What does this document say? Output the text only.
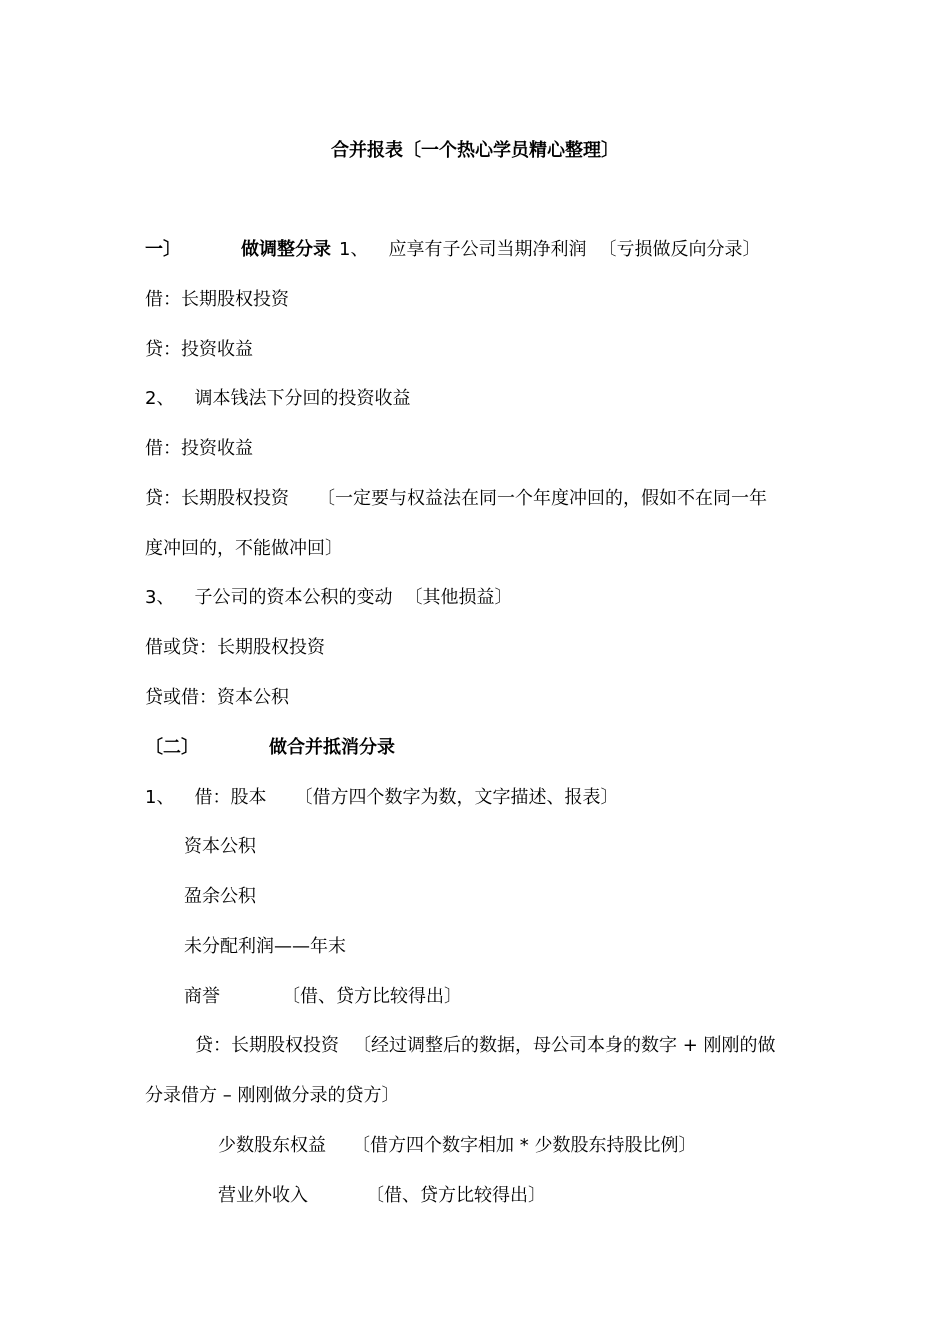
合并报表〔一个热心学员精心整理〕
一〕	做调整分录 1、 应享有子公司当期净利润 〔亏损做反向分录〕
借：长期股权投资
贷：投资收益
2、 调本钱法下分回的投资收益
借：投资收益
贷：长期股权投资 〔一定要与权益法在同一个年度冲回的，假如不在同一年
度冲回的，不能做冲回〕
3、 子公司的资本公积的变动 〔其他损益〕
借或贷：长期股权投资
贷或借：资本公积
〔二〕	做合并抵消分录
1、 借：股本 〔借方四个数字为数，文字描述、报表〕
资本公积
盈余公积
未分配利润——年末
商誉	〔借、贷方比较得出〕
贷：长期股权投资 〔经过调整后的数据，母公司本身的数字 + 刚刚的做
分录借方 – 刚刚做分录的贷方〕
少数股东权益 〔借方四个数字相加 * 少数股东持股比例〕
营业外收入	〔借、贷方比较得出〕
